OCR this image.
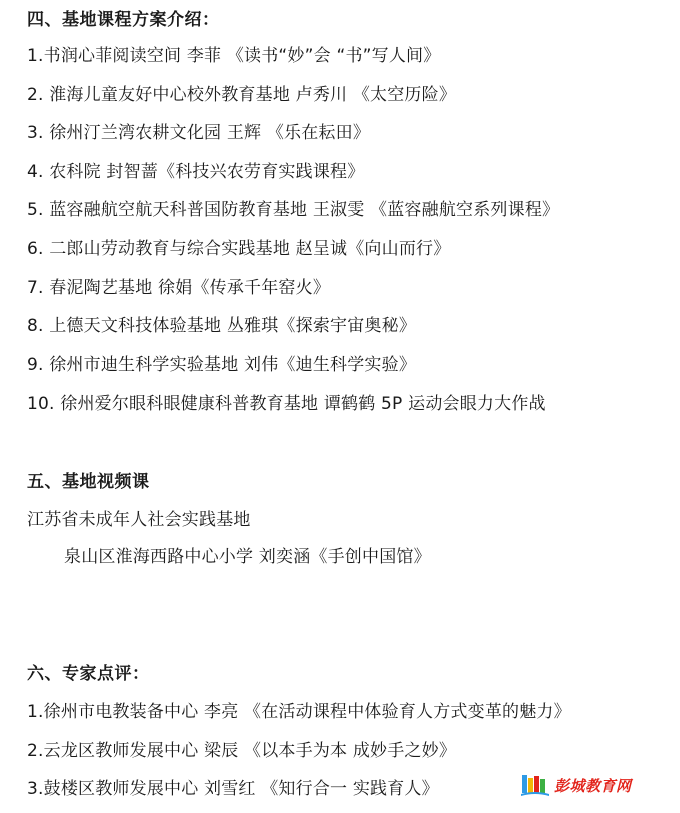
四、基地课程方案介绍：
1.书润心菲阅读空间 李菲 《读书“妙”会 “书”写人间》
2. 淮海儿童友好中心校外教育基地 卢秀川 《太空历险》
3. 徐州汀兰湾农耕文化园 王辉 《乐在耘田》
4. 农科院 封智蔷《科技兴农劳育实践课程》
5. 蓝容融航空航天科普国防教育基地 王淑雯 《蓝容融航空系列课程》
6. 二郎山劳动教育与综合实践基地 赵呈诚《向山而行》
7. 春泥陶艺基地 徐娟《传承千年窑火》
8. 上德天文科技体验基地 丛雅琪《探索宇宙奥秘》
9. 徐州市迪生科学实验基地 刘伟《迪生科学实验》
10. 徐州爱尔眼科眼健康科普教育基地 谭鹤鹤 5P 运动会眼力大作战
五、基地视频课
江苏省未成年人社会实践基地
泉山区淮海西路中心小学 刘奕涵《手创中国馆》
六、专家点评：
1.徐州市电教装备中心 李亮 《在活动课程中体验育人方式变革的魅力》
2.云龙区教师发展中心 梁辰 《以本手为本 成妙手之妙》
3.鼓楼区教师发展中心 刘雪红 《知行合一 实践育人》	彭城教育网
